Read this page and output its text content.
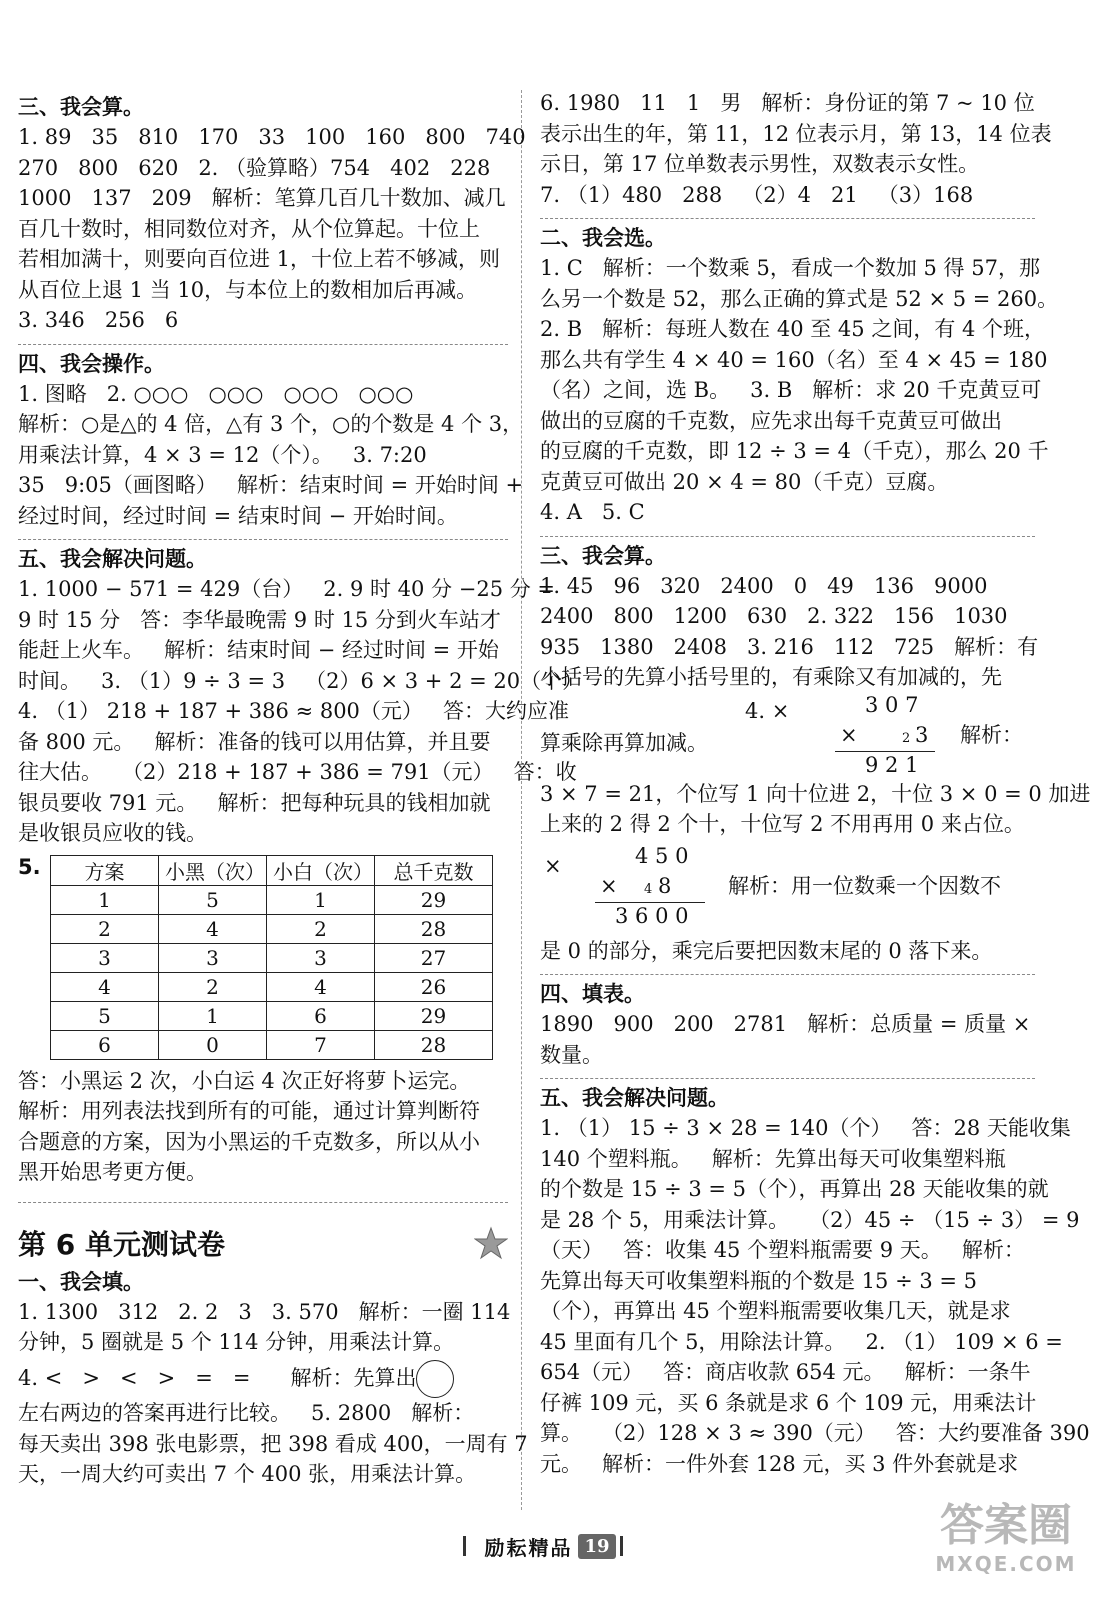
三、我会算。
1. 89   35   810   170   33   100   160   800   740
270   800   620   2. （验算略）754   402   228
1000   137   209   解析：笔算几百几十数加、减几
百几十数时，相同数位对齐，从个位算起。十位上
若相加满十，则要向百位进 1，十位上若不够减，则
从百位上退 1 当 10，与本位上的数相加后再减。
3. 346   256   6
四、我会操作。
1. 图略   2. ○○○   ○○○   ○○○   ○○○
解析：○是△的 4 倍，△有 3 个，○的个数是 4 个 3，
用乘法计算，4 × 3 = 12（个）。   3. 7:20
35   9:05（画图略）   解析：结束时间 = 开始时间 +
经过时间，经过时间 = 结束时间 − 开始时间。
五、我会解决问题。
1. 1000 − 571 = 429（台）   2. 9 时 40 分 −25 分 =
9 时 15 分   答：李华最晚需 9 时 15 分到火车站才
能赶上火车。   解析：结束时间 − 经过时间 = 开始
时间。   3. （1）9 ÷ 3 = 3   （2）6 × 3 + 2 = 20（个）
4. （1） 218 + 187 + 386 ≈ 800（元）   答：大约应准
备 800 元。   解析：准备的钱可以用估算，并且要
往大估。   （2）218 + 187 + 386 = 791（元）   答：收
银员要收 791 元。   解析：把每种玩具的钱相加就
是收银员应收的钱。
5. 方案	小黑（次）	小白（次）	总千克数
1	5	1	29
2	4	2	28
3	3	3	27
4	2	4	26
5	1	6	29
6	0	7	28
答：小黑运 2 次，小白运 4 次正好将萝卜运完。
解析：用列表法找到所有的可能，通过计算判断符
合题意的方案，因为小黑运的千克数多，所以从小
黑开始思考更方便。
第 6 单元测试卷
一、我会填。
1. 1300   312   2. 2   3   3. 570   解析：一圈 114
分钟，5 圈就是 5 个 114 分钟，用乘法计算。
4. <   >   <   >   =   =      解析：先算出
左右两边的答案再进行比较。   5. 2800   解析：
每天卖出 398 张电影票，把 398 看成 400，一周有 7
天，一周大约可卖出 7 个 400 张，用乘法计算。
6. 1980   11   1   男   解析：身份证的第 7 ~ 10 位
表示出生的年，第 11，12 位表示月，第 13，14 位表
示日，第 17 位单数表示男性，双数表示女性。
7. （1）480   288   （2）4   21   （3）168
二、我会选。
1. C   解析：一个数乘 5，看成一个数加 5 得 57，那
么另一个数是 52，那么正确的算式是 52 × 5 = 260。
2. B   解析：每班人数在 40 至 45 之间，有 4 个班，
那么共有学生 4 × 40 = 160（名）至 4 × 45 = 180
（名）之间，选 B。   3. B   解析：求 20 千克黄豆可
做出的豆腐的千克数，应先求出每千克黄豆可做出
的豆腐的千克数，即 12 ÷ 3 = 4（千克），那么 20 千
克黄豆可做出 20 × 4 = 80（千克）豆腐。
4. A   5. C
三、我会算。
1. 45   96   320   2400   0   49   136   9000
2400   800   1200   630   2. 322   156   1030
935   1380   2408   3. 216   112   725   解析：有
小括号的先算小括号里的，有乘除又有加减的，先
4. ×
算乘除再算加减。
3 0 7
×	2 3
9 2 1
解析：
3 × 7 = 21，个位写 1 向十位进 2，十位 3 × 0 = 0 加进
上来的 2 得 2 个十，十位写 2 不用再用 0 来占位。
×	4 5 0
× 4 8
3 6 0 0
解析：用一位数乘一个因数不
是 0 的部分，乘完后要把因数末尾的 0 落下来。
四、填表。
1890   900   200   2781   解析：总质量 = 质量 ×
数量。
五、我会解决问题。
1. （1） 15 ÷ 3 × 28 = 140（个）   答：28 天能收集
140 个塑料瓶。   解析：先算出每天可收集塑料瓶
的个数是 15 ÷ 3 = 5（个），再算出 28 天能收集的就
是 28 个 5，用乘法计算。   （2）45 ÷ （15 ÷ 3） = 9
（天）   答：收集 45 个塑料瓶需要 9 天。   解析：
先算出每天可收集塑料瓶的个数是 15 ÷ 3 = 5
（个），再算出 45 个塑料瓶需要收集几天，就是求
45 里面有几个 5，用除法计算。   2. （1） 109 × 6 =
654（元）   答：商店收款 654 元。   解析：一条牛
仔裤 109 元，买 6 条就是求 6 个 109 元，用乘法计
算。   （2）128 × 3 ≈ 390（元）   答：大约要准备 390
元。   解析：一件外套 128 元，买 3 件外套就是求
励耘精品 19	答案圈
MXQE.COM
